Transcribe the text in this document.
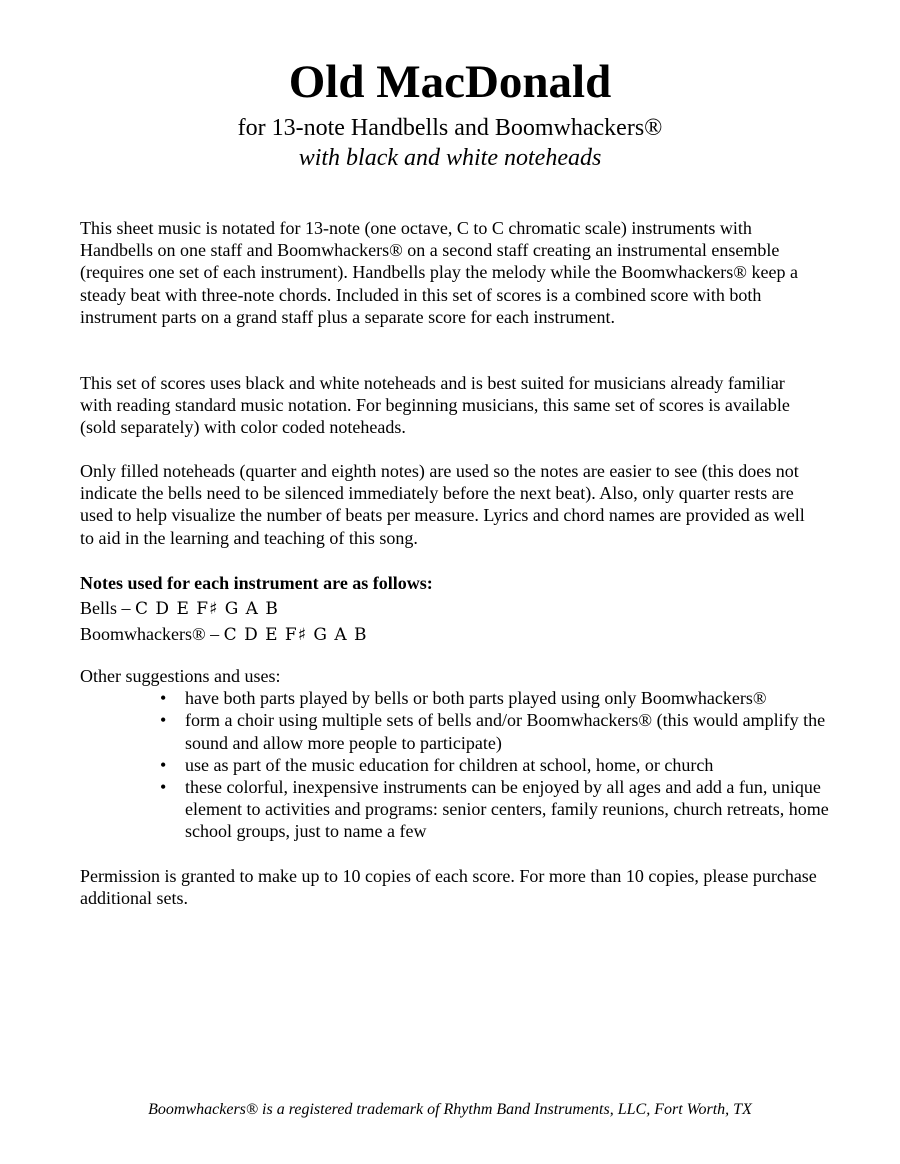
Old MacDonald
for 13-note Handbells and Boomwhackers®
with black and white noteheads

This sheet music is notated for 13-note (one octave, C to C chromatic scale) instruments with Handbells on one staff and Boomwhackers® on a second staff creating an instrumental ensemble (requires one set of each instrument). Handbells play the melody while the Boomwhackers® keep a steady beat with three-note chords. Included in this set of scores is a combined score with both instrument parts on a grand staff plus a separate score for each instrument.

This set of scores uses black and white noteheads and is best suited for musicians already familiar with reading standard music notation. For beginning musicians, this same set of scores is available (sold separately) with color coded noteheads.

Only filled noteheads (quarter and eighth notes) are used so the notes are easier to see (this does not indicate the bells need to be silenced immediately before the next beat). Also, only quarter rests are used to help visualize the number of beats per measure. Lyrics and chord names are provided as well to aid in the learning and teaching of this song.

Notes used for each instrument are as follows:
Bells – C D E F♯ G A B
Boomwhackers® – C D E F♯ G A B
Other suggestions and uses:
• have both parts played by bells or both parts played using only Boomwhackers®
• form a choir using multiple sets of bells and/or Boomwhackers® (this would amplify the sound and allow more people to participate)
• use as part of the music education for children at school, home, or church
• these colorful, inexpensive instruments can be enjoyed by all ages and add a fun, unique element to activities and programs: senior centers, family reunions, church retreats, home school groups, just to name a few

Permission is granted to make up to 10 copies of each score. For more than 10 copies, please purchase additional sets.

Boomwhackers® is a registered trademark of Rhythm Band Instruments, LLC, Fort Worth, TX
